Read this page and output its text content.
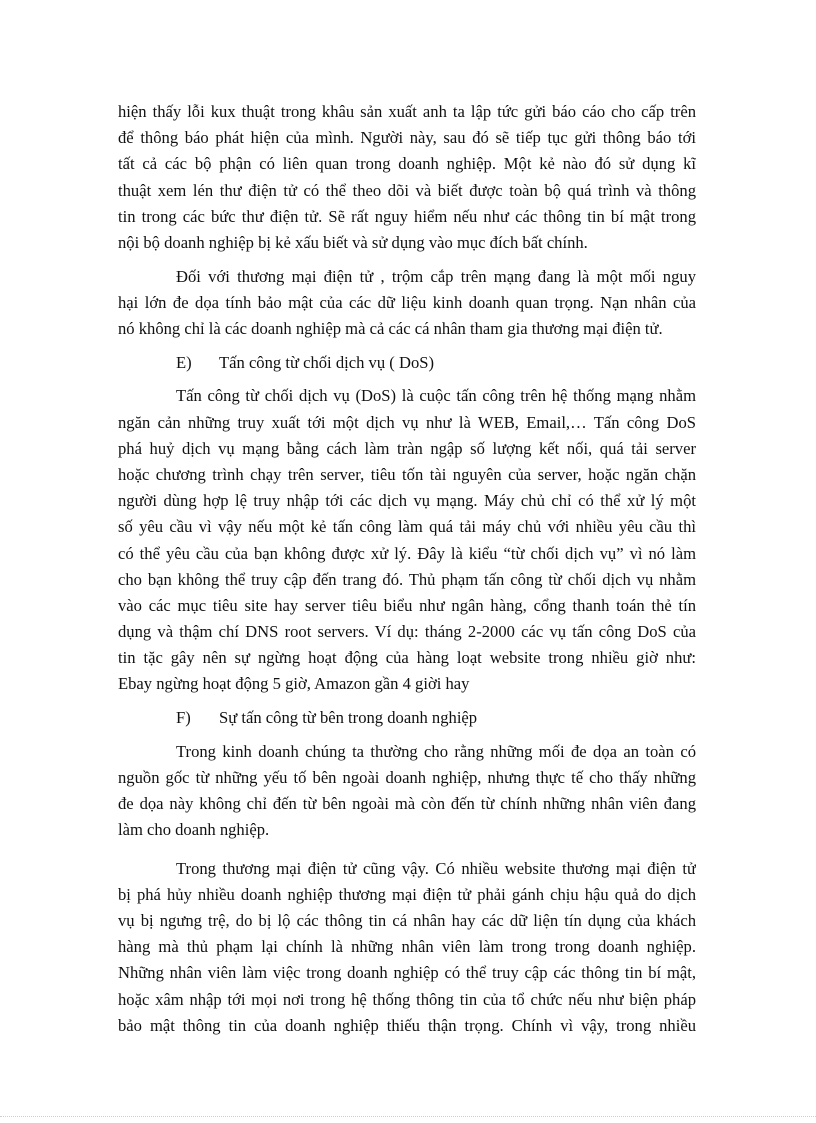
hiện thấy lỗi kux thuật trong khâu sản xuất anh ta lập tức gửi báo cáo cho cấp trên
để thông báo phát hiện của mình. Người này, sau đó sẽ tiếp tục gửi thông báo tới
tất cả các bộ phận có liên quan trong doanh nghiệp. Một kẻ nào đó sử dụng kĩ
thuật xem lén thư điện tử có thể theo dõi và biết được toàn bộ quá trình và thông
tin trong các bức thư điện tử. Sẽ rất nguy hiểm nếu như các thông tin bí mật trong
nội bộ doanh nghiệp bị kẻ xấu biết và sử dụng vào mục đích bất chính.
Đối với thương mại điện tử , trộm cắp trên mạng đang là một mối nguy
hại lớn đe dọa tính bảo mật của các dữ liệu kinh doanh quan trọng. Nạn nhân của
nó không chỉ là các doanh nghiệp mà cả các cá nhân tham gia thương mại điện tử.
E) Tấn công từ chối dịch vụ ( DoS)
Tấn công từ chối dịch vụ (DoS) là cuộc tấn công trên hệ thống mạng nhằm
ngăn cản những truy xuất tới một dịch vụ như là WEB, Email,… Tấn công DoS
phá huỷ dịch vụ mạng bằng cách làm tràn ngập số lượng kết nối, quá tải server
hoặc chương trình chạy trên server, tiêu tốn tài nguyên của server, hoặc ngăn chặn
người dùng hợp lệ truy nhập tới các dịch vụ mạng. Máy chủ chỉ có thể xử lý một
số yêu cầu vì vậy nếu một kẻ tấn công làm quá tải máy chủ với nhiều yêu cầu thì
có thể yêu cầu của bạn không được xử lý. Đây là kiểu “từ chối dịch vụ” vì nó làm
cho bạn không thể truy cập đến trang đó. Thủ phạm tấn công từ chối dịch vụ nhằm
vào các mục tiêu site hay server tiêu biểu như ngân hàng, cổng thanh toán thẻ tín
dụng và thậm chí DNS root servers. Ví dụ: tháng 2-2000 các vụ tấn công DoS của
tin tặc gây nên sự ngừng hoạt động của hàng loạt website trong nhiều giờ như:
Ebay ngừng hoạt động 5 giờ, Amazon gần 4 giời hay
F) Sự tấn công từ bên trong doanh nghiệp
Trong kinh doanh chúng ta thường cho rằng những mối đe dọa an toàn có
nguồn gốc từ những yếu tố bên ngoài doanh nghiệp, nhưng thực tế cho thấy những
đe dọa này không chỉ đến từ bên ngoài mà còn đến từ chính những nhân viên đang
làm cho doanh nghiệp.
Trong thương mại điện tử cũng vậy. Có nhiều website thương mại điện tử
bị phá hủy nhiều doanh nghiệp thương mại điện tử phải gánh chịu hậu quả do dịch
vụ bị ngưng trệ, do bị lộ các thông tin cá nhân hay các dữ liện tín dụng của khách
hàng mà thủ phạm lại chính là những nhân viên làm trong trong doanh nghiệp.
Những nhân viên làm việc trong doanh nghiệp có thể truy cập các thông tin bí mật,
hoặc xâm nhập tới mọi nơi trong hệ thống thông tin của tổ chức nếu như biện pháp
bảo mật thông tin của doanh nghiệp thiếu thận trọng. Chính vì vậy, trong nhiều
